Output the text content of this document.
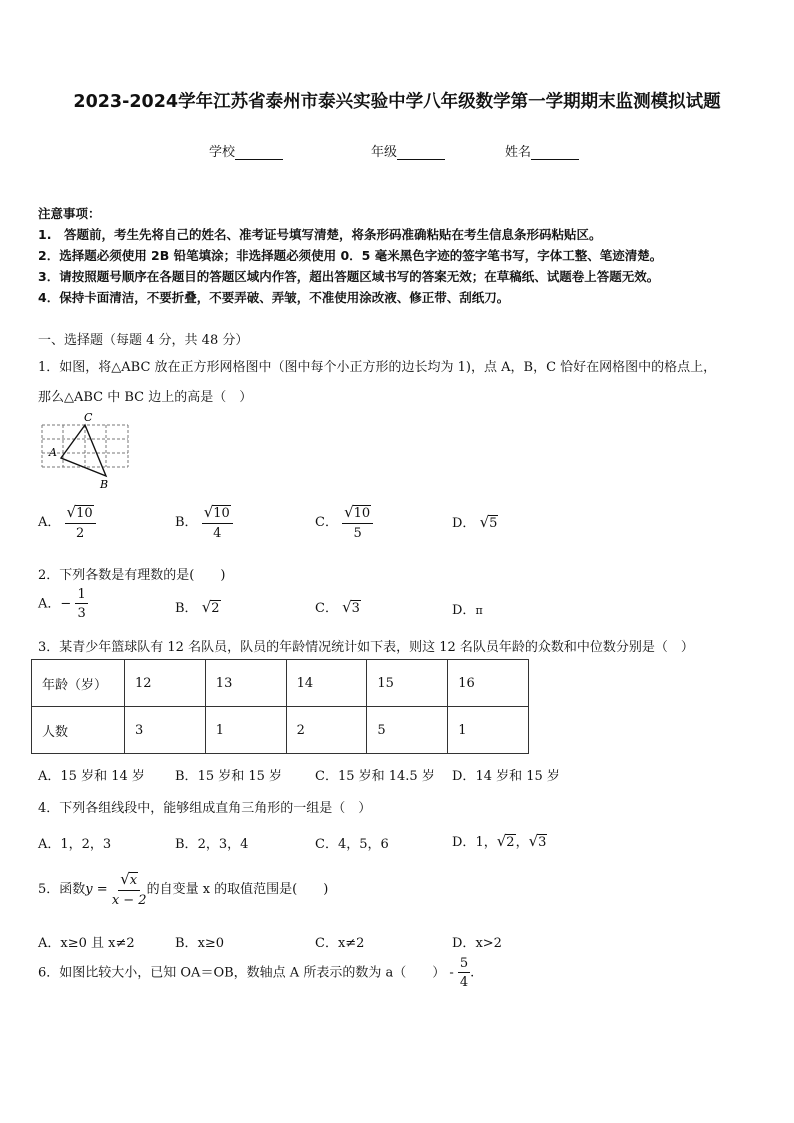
2023-2024学年江苏省泰州市泰兴实验中学八年级数学第一学期期末监测模拟试题
学校	年级	姓名
注意事项：
1.　答题前，考生先将自己的姓名、准考证号填写清楚，将条形码准确粘贴在考生信息条形码粘贴区。
2．选择题必须使用 2B 铅笔填涂；非选择题必须使用 0．5 毫米黑色字迹的签字笔书写，字体工整、笔迹清楚。
3．请按照题号顺序在各题目的答题区域内作答，超出答题区域书写的答案无效；在草稿纸、试题卷上答题无效。
4．保持卡面清洁，不要折叠，不要弄破、弄皱，不准使用涂改液、修正带、刮纸刀。
一、选择题（每题 4 分，共 48 分）
1．如图，将△ABC 放在正方形网格图中（图中每个小正方形的边长均为 1)，点 A，B，C 恰好在网格图中的格点上，
那么△ABC 中 BC 边上的高是（　）
C
A
B
A． $\frac{√ 10}{2}$	B． $\frac{√ 10}{4}$	C． $\frac{√ 10}{5}$	D． √ 5
2．下列各数是有理数的是(　　)
A．− $\frac{1}{3}$	B． √ 2	C． √ 3	D．π
3．某青少年篮球队有 12 名队员，队员的年龄情况统计如下表，则这 12 名队员年龄的众数和中位数分别是（　）
年龄（岁）	12	13	14	15	16
人数	3	1	2	5	1
A．15 岁和 14 岁 B．15 岁和 15 岁	C．15 岁和 14.5 岁 D．14 岁和 15 岁
4．下列各组线段中，能够组成直角三角形的一组是（　）
A．1，2，3	B．2，3，4	C．4，5，6	D．1， √ 2 ， √ 3
5．函数$y = \frac{√ x}{x - 2}$ 的自变量 x 的取值范围是(　　)
A．x≥0 且 x≠2	B．x≥0	C．x≠2	D．x>2
6．如图比较大小，已知 OA＝OB，数轴点 A 所表示的数为 a（　　） - $\frac{5}{4}$ .
